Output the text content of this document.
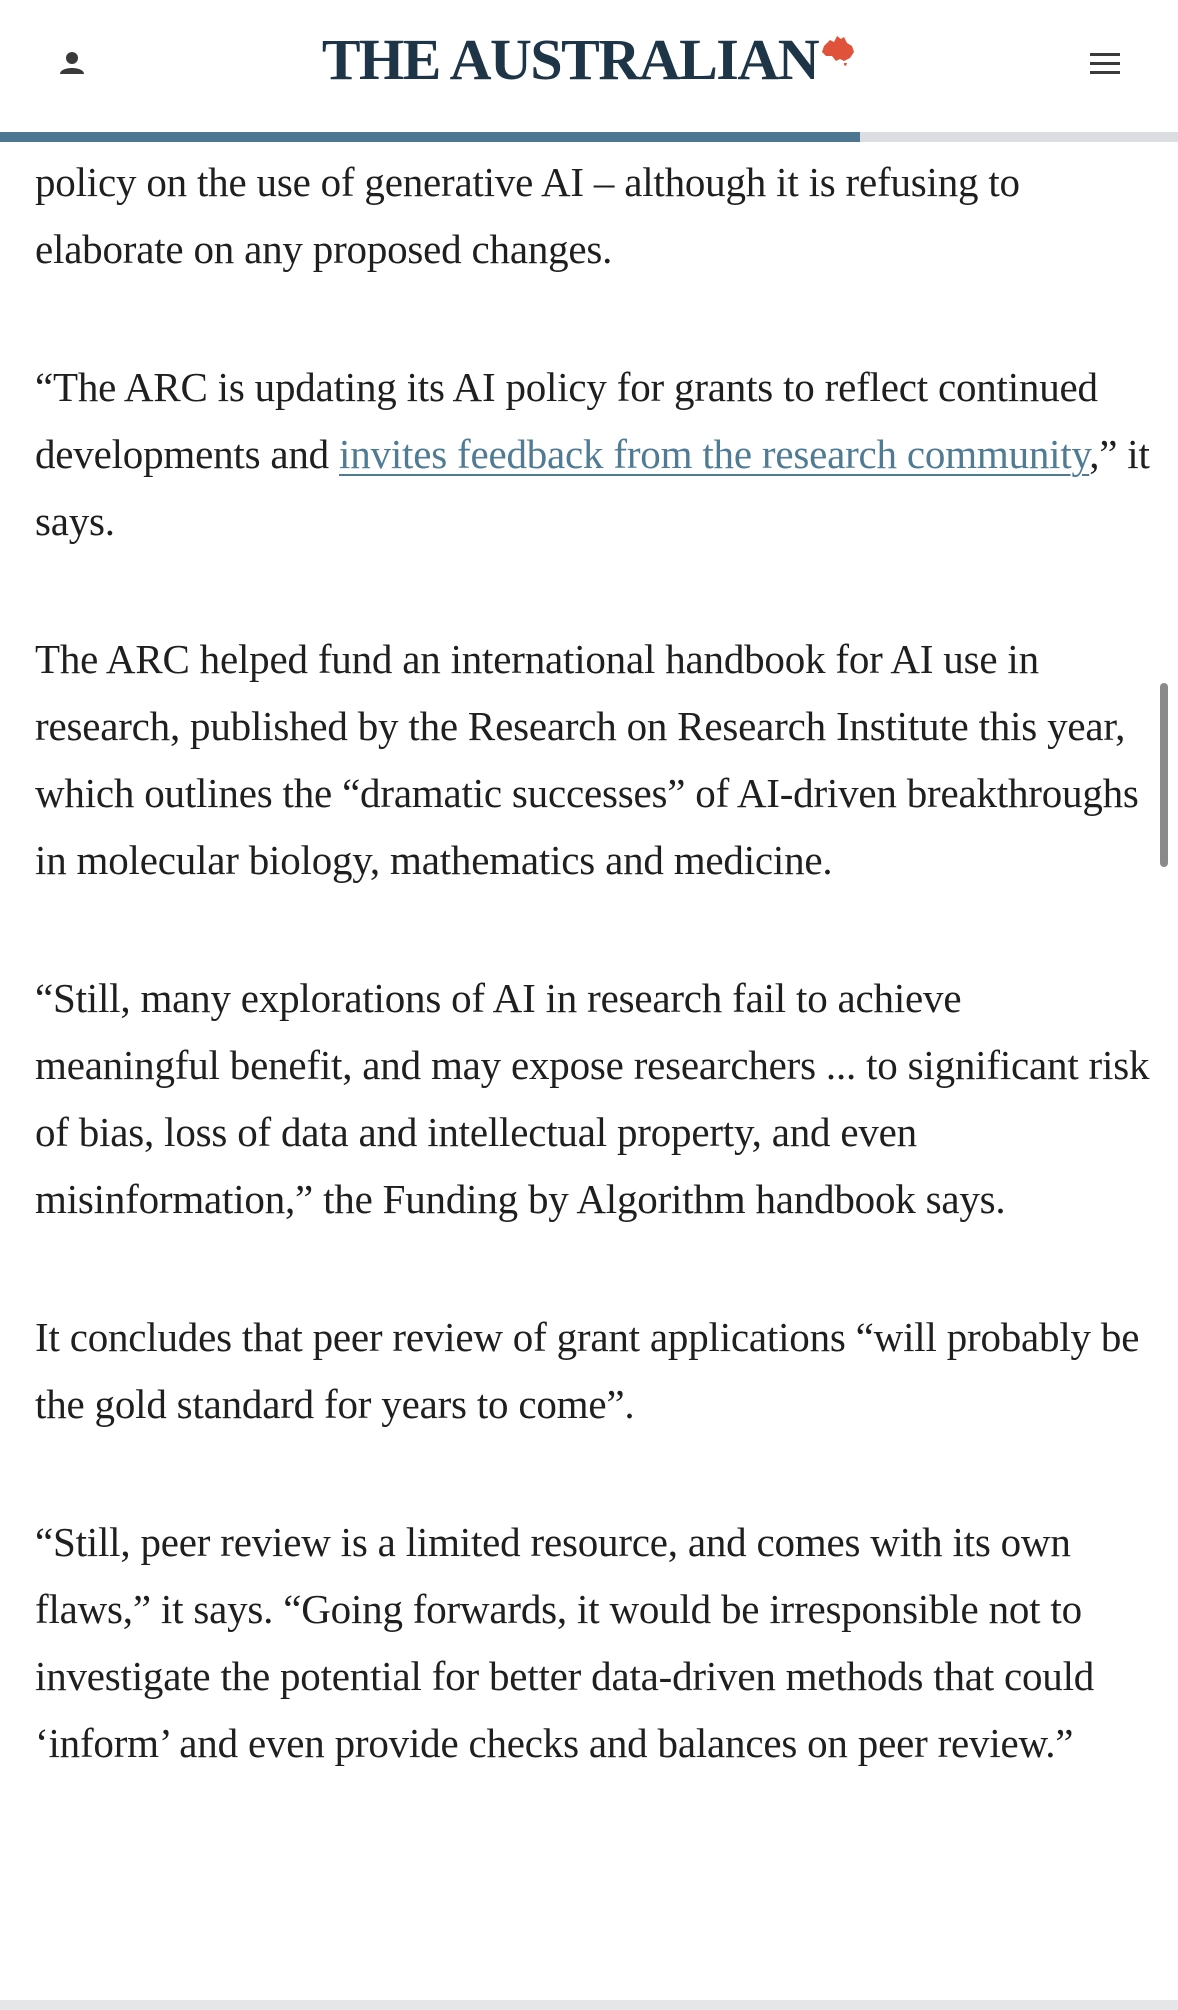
THE AUSTRALIAN

policy on the use of generative AI – although it is refusing to elaborate on any proposed changes.

“The ARC is updating its AI policy for grants to reflect continued developments and invites feedback from the research community,” it says.

The ARC helped fund an international handbook for AI use in research, published by the Research on Research Institute this year, which outlines the “dramatic successes” of AI-driven breakthroughs in molecular biology, mathematics and medicine.

“Still, many explorations of AI in research fail to achieve meaningful benefit, and may expose researchers ... to significant risk of bias, loss of data and intellectual property, and even misinformation,” the Funding by Algorithm handbook says.

It concludes that peer review of grant applications “will probably be the gold standard for years to come”.

“Still, peer review is a limited resource, and comes with its own flaws,” it says. “Going forwards, it would be irresponsible not to investigate the potential for better data-driven methods that could ‘inform’ and even provide checks and balances on peer review.”
